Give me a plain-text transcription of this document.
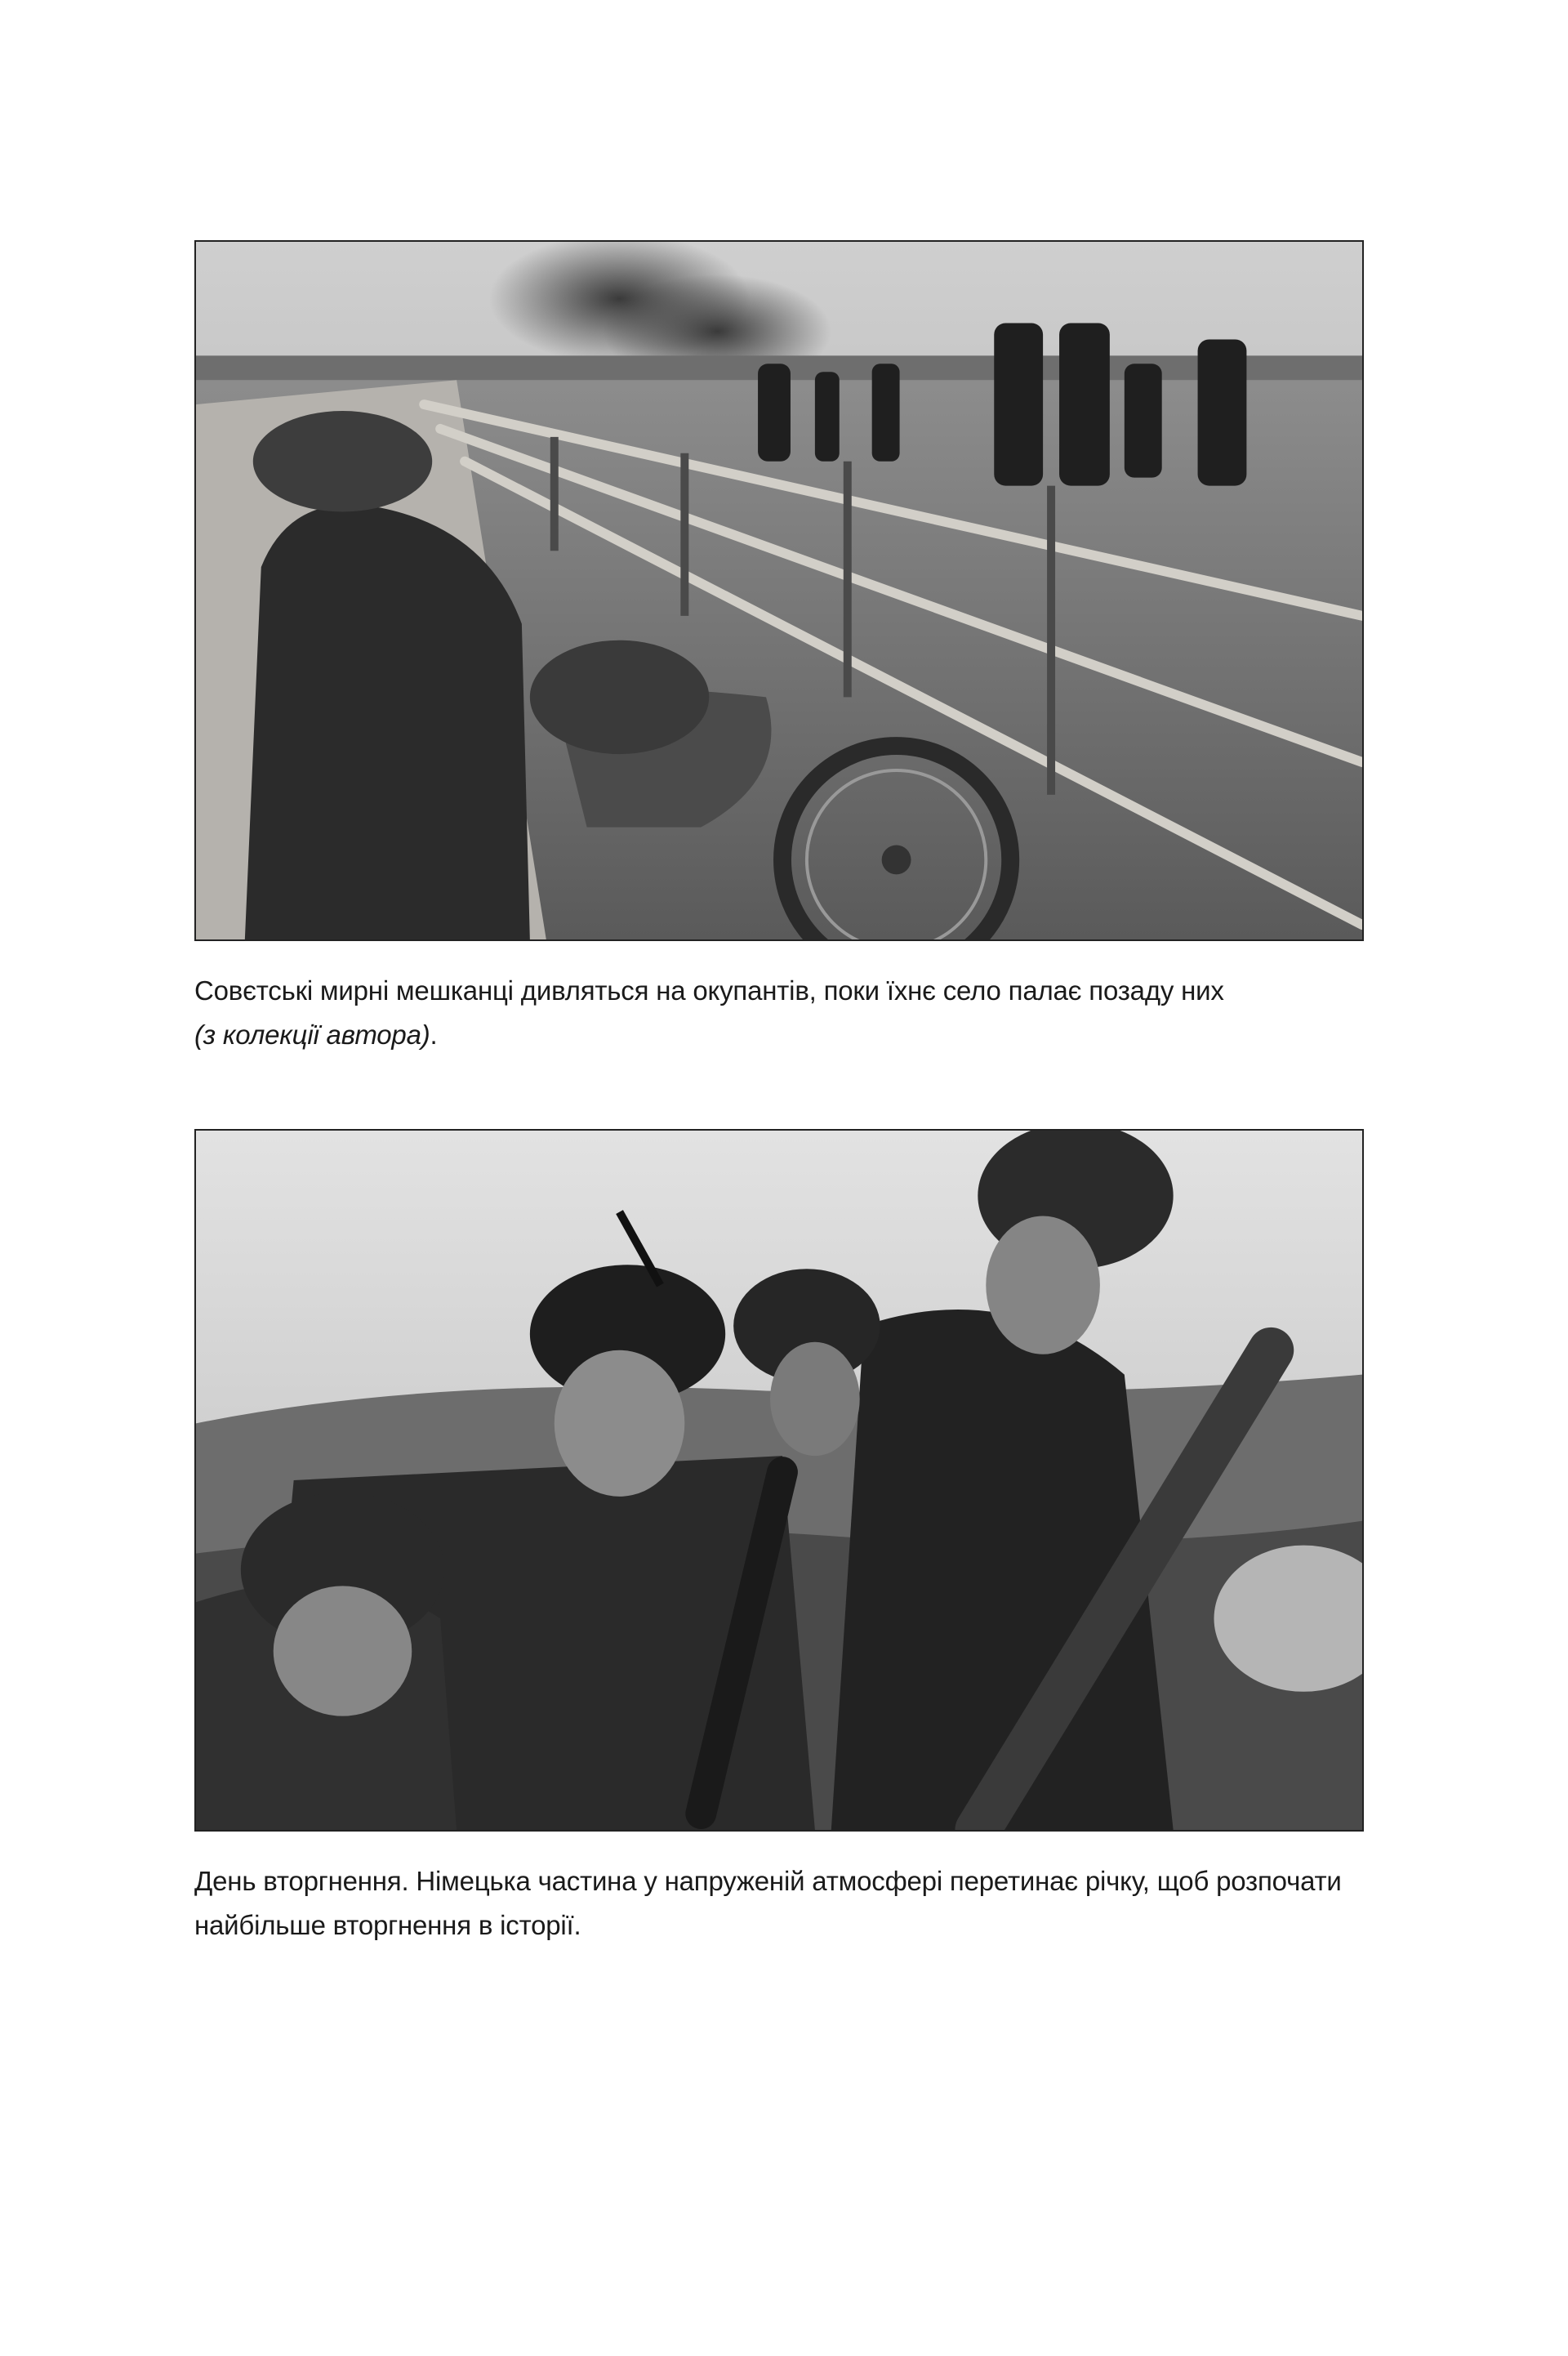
Совєтські мирні мешканці дивляться на окупантів, поки їхнє село палає позаду них
(з колекції автора).

День вторгнення. Німецька частина у напруженій атмосфері перетинає річку, щоб розпочати найбільше вторгнення в історії.
